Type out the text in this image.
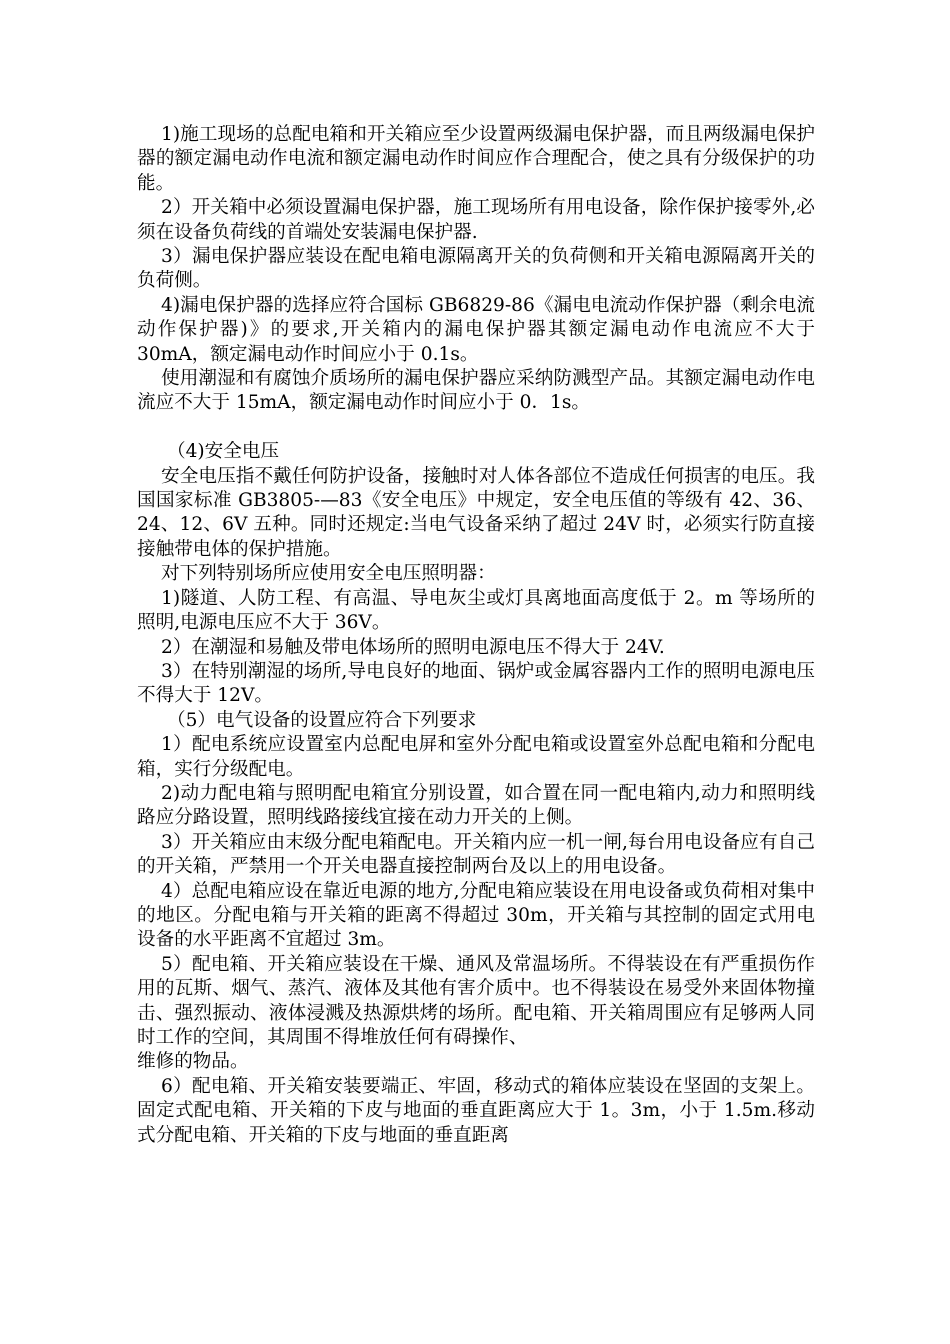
1)施工现场的总配电箱和开关箱应至少设置两级漏电保护器，而且两级漏电保护器的额定漏电动作电流和额定漏电动作时间应作合理配合，使之具有分级保护的功能。

2）开关箱中必须设置漏电保护器，施工现场所有用电设备，除作保护接零外,必须在设备负荷线的首端处安装漏电保护器.

3）漏电保护器应装设在配电箱电源隔离开关的负荷侧和开关箱电源隔离开关的负荷侧。

4)漏电保护器的选择应符合国标 GB6829-86《漏电电流动作保护器（剩余电流动作保护器)》的要求,开关箱内的漏电保护器其额定漏电动作电流应不大于 30mA，额定漏电动作时间应小于 0.1s。

使用潮湿和有腐蚀介质场所的漏电保护器应采纳防溅型产品。其额定漏电动作电流应不大于 15mA，额定漏电动作时间应小于 0．1s。

（4)安全电压

安全电压指不戴任何防护设备，接触时对人体各部位不造成任何损害的电压。我国国家标准 GB3805-—83《安全电压》中规定，安全电压值的等级有 42、36、24、12、6V 五种。同时还规定:当电气设备采纳了超过 24V 时，必须实行防直接接触带电体的保护措施。

对下列特别场所应使用安全电压照明器：

1)隧道、人防工程、有高温、导电灰尘或灯具离地面高度低于 2。m 等场所的照明,电源电压应不大于 36V。

2）在潮湿和易触及带电体场所的照明电源电压不得大于 24V.

3）在特别潮湿的场所,导电良好的地面、锅炉或金属容器内工作的照明电源电压不得大于 12V。

（5）电气设备的设置应符合下列要求

1）配电系统应设置室内总配电屏和室外分配电箱或设置室外总配电箱和分配电箱，实行分级配电。

2)动力配电箱与照明配电箱宜分别设置，如合置在同一配电箱内,动力和照明线路应分路设置，照明线路接线宜接在动力开关的上侧。

3）开关箱应由末级分配电箱配电。开关箱内应一机一闸,每台用电设备应有自己的开关箱，严禁用一个开关电器直接控制两台及以上的用电设备。

4）总配电箱应设在靠近电源的地方,分配电箱应装设在用电设备或负荷相对集中的地区。分配电箱与开关箱的距离不得超过 30m，开关箱与其控制的固定式用电设备的水平距离不宜超过 3m。

5）配电箱、开关箱应装设在干燥、通风及常温场所。不得装设在有严重损伤作用的瓦斯、烟气、蒸汽、液体及其他有害介质中。也不得装设在易受外来固体物撞击、强烈振动、液体浸溅及热源烘烤的场所。配电箱、开关箱周围应有足够两人同时工作的空间，其周围不得堆放任何有碍操作、

维修的物品。

6）配电箱、开关箱安装要端正、牢固，移动式的箱体应装设在坚固的支架上。固定式配电箱、开关箱的下皮与地面的垂直距离应大于 1。3m，小于 1.5m.移动式分配电箱、开关箱的下皮与地面的垂直距离
